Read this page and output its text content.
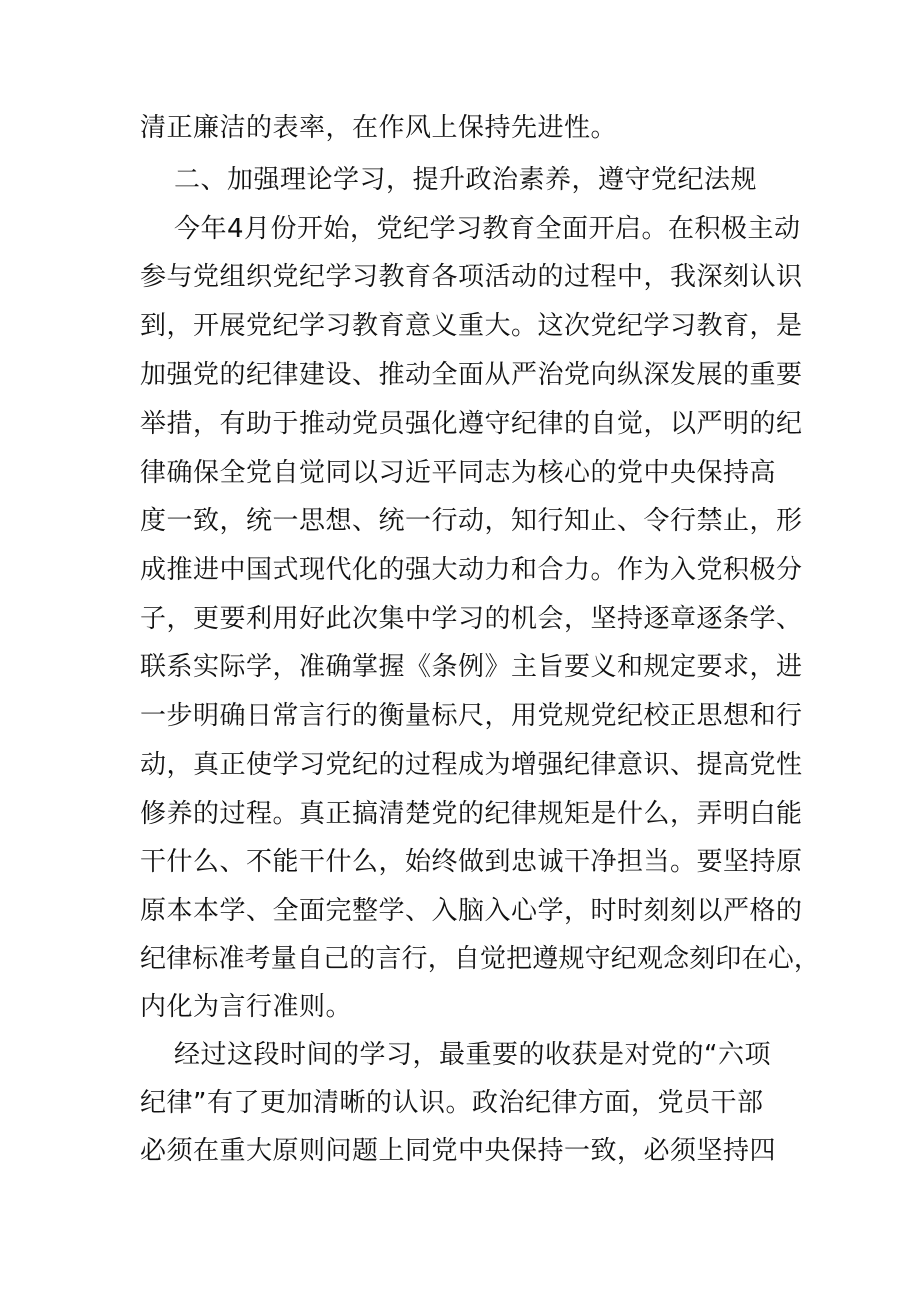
清正廉洁的表率，在作风上保持先进性。
二、加强理论学习，提升政治素养，遵守党纪法规
今年4月份开始，党纪学习教育全面开启。在积极主动
参与党组织党纪学习教育各项活动的过程中，我深刻认识
到，开展党纪学习教育意义重大。这次党纪学习教育，是
加强党的纪律建设、推动全面从严治党向纵深发展的重要
举措，有助于推动党员强化遵守纪律的自觉，以严明的纪
律确保全党自觉同以习近平同志为核心的党中央保持高
度一致，统一思想、统一行动，知行知止、令行禁止，形
成推进中国式现代化的强大动力和合力。作为入党积极分
子，更要利用好此次集中学习的机会，坚持逐章逐条学、
联系实际学，准确掌握《条例》主旨要义和规定要求，进
一步明确日常言行的衡量标尺，用党规党纪校正思想和行
动，真正使学习党纪的过程成为增强纪律意识、提高党性
修养的过程。真正搞清楚党的纪律规矩是什么，弄明白能
干什么、不能干什么，始终做到忠诚干净担当。要坚持原
原本本学、全面完整学、入脑入心学，时时刻刻以严格的
纪律标准考量自己的言行，自觉把遵规守纪观念刻印在心，
内化为言行准则。
经过这段时间的学习，最重要的收获是对党的“六项
纪律”有了更加清晰的认识。政治纪律方面，党员干部
必须在重大原则问题上同党中央保持一致，必须坚持四
